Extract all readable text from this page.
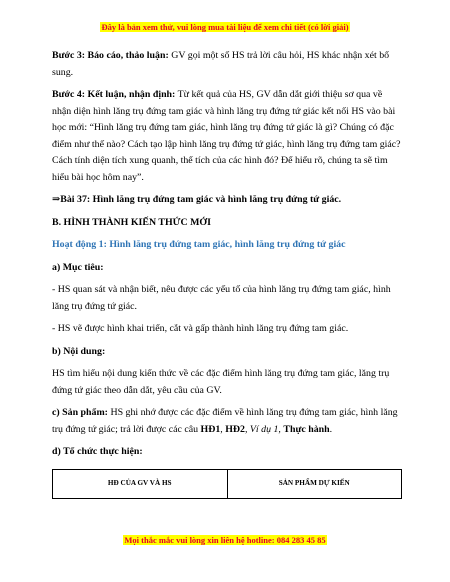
Đây là bản xem thử, vui lòng mua tài liệu để xem chi tiết (có lời giải)

Bước 3: Báo cáo, thảo luận: GV gọi một số HS trả lời câu hỏi, HS khác nhận xét bổ sung.

Bước 4: Kết luận, nhận định: Từ kết quả của HS, GV dẫn dắt giới thiệu sơ qua về nhận diện hình lăng trụ đứng tam giác và hình lăng trụ đứng tứ giác kết nối HS vào bài học mới: “Hình lăng trụ đứng tam giác, hình lăng trụ đứng tứ giác là gì? Chúng có đặc điểm như thế nào? Cách tạo lập hình lăng trụ đứng tứ giác, hình lăng trụ đứng tam giác? Cách tính diện tích xung quanh, thể tích của các hình đó? Để hiểu rõ, chúng ta sẽ tìm hiểu bài học hôm nay”.

⇒Bài 37: Hình lăng trụ đứng tam giác và hình lăng trụ đứng tứ giác.

B. HÌNH THÀNH KIẾN THỨC MỚI

Hoạt động 1: Hình lăng trụ đứng tam giác, hình lăng trụ đứng tứ giác

a) Mục tiêu:

- HS quan sát và nhận biết, nêu được các yếu tố của hình lăng trụ đứng tam giác, hình lăng trụ đứng tứ giác.

- HS vẽ được hình khai triển, cắt và gấp thành hình lăng trụ đứng tam giác.

b) Nội dung:

HS tìm hiểu nội dung kiến thức về các đặc điểm hình lăng trụ đứng tam giác, lăng trụ đứng tứ giác theo dẫn dắt, yêu cầu của GV.

c) Sản phẩm: HS ghi nhớ được các đặc điểm về hình lăng trụ đứng tam giác, hình lăng trụ đứng tứ giác; trả lời được các câu HĐ1, HĐ2, Ví dụ 1, Thực hành.

d) Tổ chức thực hiện:

HĐ CỦA GV VÀ HS	SẢN PHẨM DỰ KIẾN
Mọi thắc mắc vui lòng xin liên hệ hotline: 084 283 45 85
